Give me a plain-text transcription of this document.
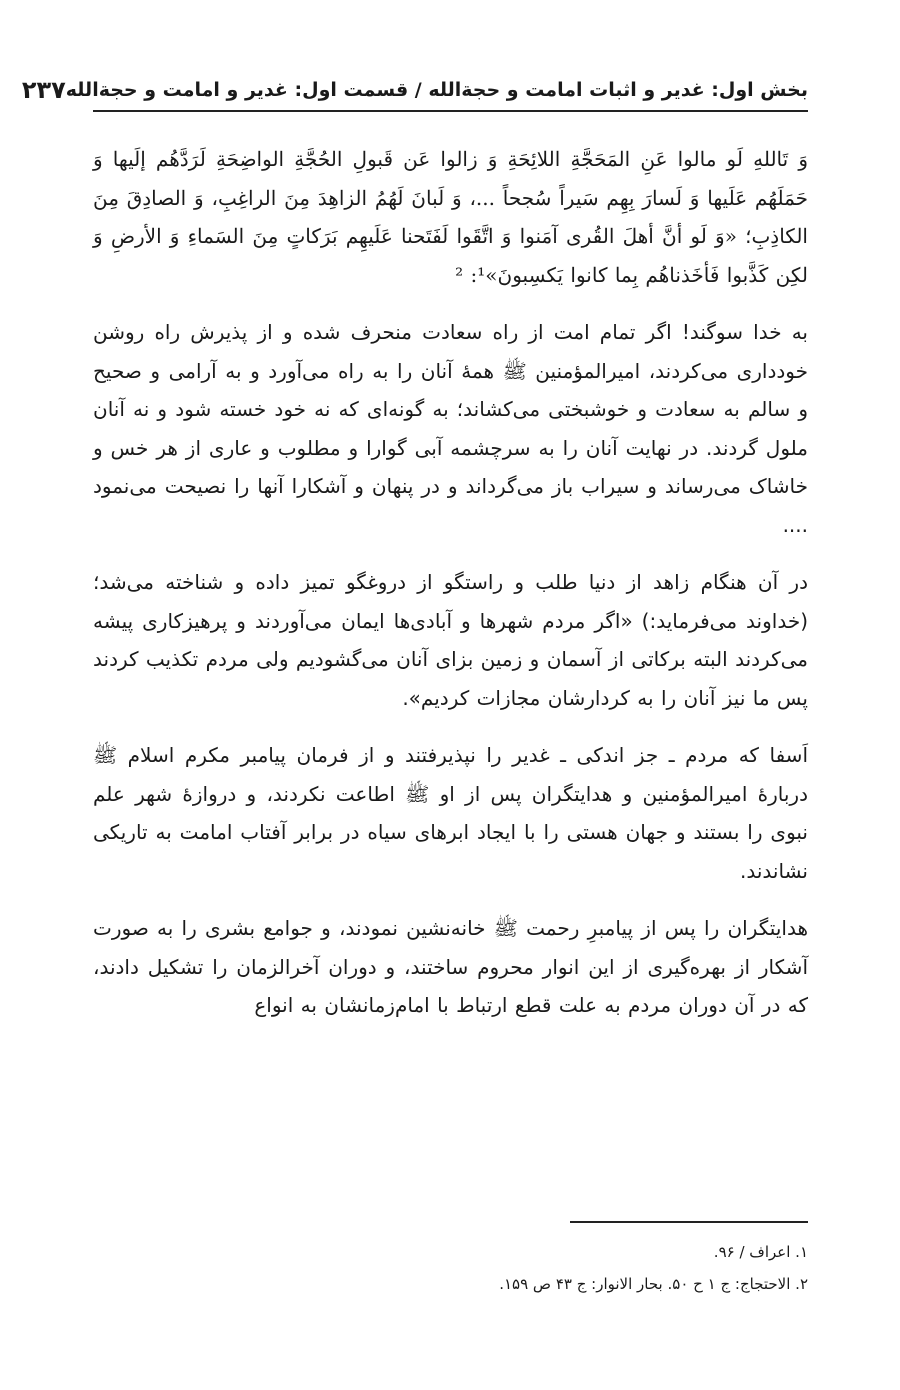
بخش اول: غدیر و اثبات امامت و حجةالله / قسمت اول: غدیر و امامت و حجةالله
۲۳۷

وَ تَاللهِ لَو مالوا عَنِ المَحَجَّةِ اللائِحَةِ وَ زالوا عَن قَبولِ الحُجَّةِ الواضِحَةِ لَرَدَّهُم إلَيها وَ حَمَلَهُم عَلَيها وَ لَسارَ بِهِم سَيراً سُجحاً ...، وَ لَبانَ لَهُمُ الزاهِدَ مِنَ الراغِبِ، وَ الصادِقَ مِنَ الكاذِبِ؛ «وَ لَو أنَّ أهلَ القُرى آمَنوا وَ اتَّقَوا لَفَتَحنا عَلَيهِم بَرَكاتٍ مِنَ السَماءِ وَ الأرضِ وَ لكِن كَذَّبوا فَأخَذناهُم بِما كانوا يَكسِبونَ»¹: ²

به خدا سوگند! اگر تمام امت از راه سعادت منحرف شده و از پذیرش راه روشن خودداری می‌کردند، امیرالمؤمنین ﷺ همهٔ آنان را به راه می‌آورد و به آرامی و صحیح و سالم به سعادت و خوشبختی می‌کشاند؛ به گونه‌ای که نه خود خسته شود و نه آنان ملول گردند. در نهایت آنان را به سرچشمه آبی گوارا و مطلوب و عاری از هر خس و خاشاک می‌رساند و سیراب باز می‌گرداند و در پنهان و آشکارا آنها را نصیحت می‌نمود ....

در آن هنگام زاهد از دنیا طلب و راستگو از دروغگو تمیز داده و شناخته می‌شد؛ (خداوند می‌فرماید:) «اگر مردم شهرها و آبادی‌ها ایمان می‌آوردند و پرهیزکاری پیشه می‌کردند البته برکاتی از آسمان و زمین بزای آنان می‌گشودیم ولی مردم تکذیب کردند پس ما نیز آنان را به کردارشان مجازات کردیم».

اَسفا که مردم ـ جز اندکی ـ غدیر را نپذیرفتند و از فرمان پیامبر مکرم اسلام ﷺ دربارهٔ امیرالمؤمنین و هدایتگران پس از او ﷺ اطاعت نکردند، و دروازهٔ شهر علم نبوی را بستند و جهان هستی را با ایجاد ابرهای سیاه در برابر آفتاب امامت به تاریکی نشاندند.

هدایتگران را پس از پیامبرِ رحمت ﷺ خانه‌نشین نمودند، و جوامع بشری را به صورت آشکار از بهره‌گیری از این انوار محروم ساختند، و دوران آخرالزمان را تشکیل دادند، که در آن دوران مردم به علت قطع ارتباط با امام‌زمانشان به انواع

۱. اعراف / ۹۶.

۲. الاحتجاج: ج ۱ ح ۵۰. بحار الانوار: ج ۴۳ ص ۱۵۹.
